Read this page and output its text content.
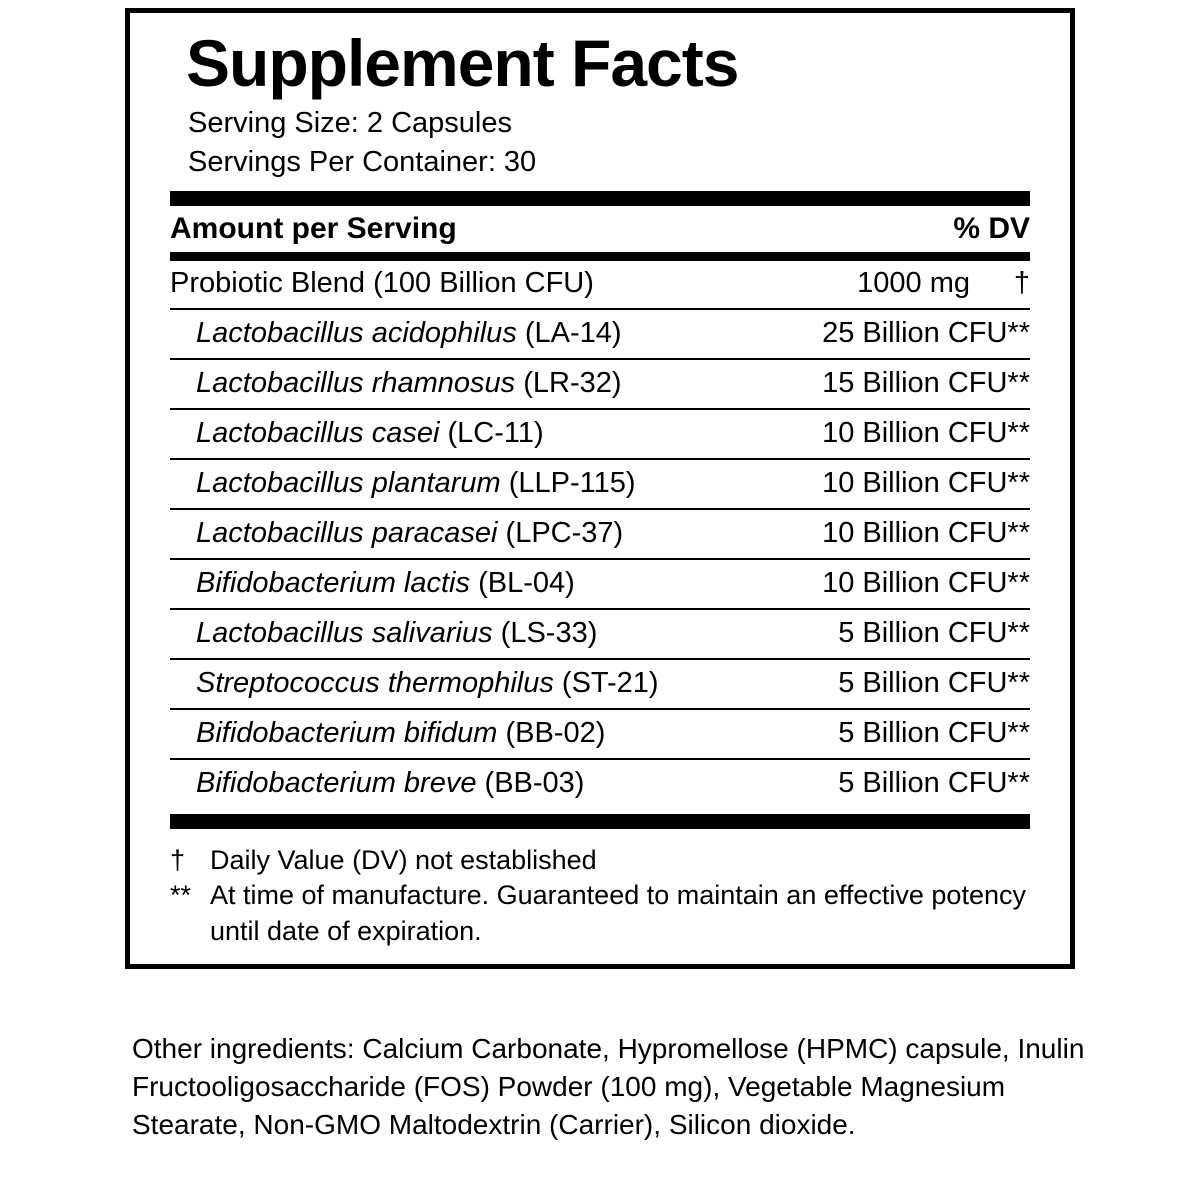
Supplement Facts
Serving Size: 2 Capsules
Servings Per Container: 30
Amount per Serving	% DV
Probiotic Blend (100 Billion CFU)	1000 mg	†
Lactobacillus acidophilus (LA-14)	25 Billion CFU**
Lactobacillus rhamnosus (LR-32)	15 Billion CFU**
Lactobacillus casei (LC-11)	10 Billion CFU**
Lactobacillus plantarum (LLP-115)	10 Billion CFU**
Lactobacillus paracasei (LPC-37)	10 Billion CFU**
Bifidobacterium lactis (BL-04)	10 Billion CFU**
Lactobacillus salivarius (LS-33)	5 Billion CFU**
Streptococcus thermophilus (ST-21)	5 Billion CFU**
Bifidobacterium bifidum (BB-02)	5 Billion CFU**
Bifidobacterium breve (BB-03)	5 Billion CFU**
† Daily Value (DV) not established
** At time of manufacture. Guaranteed to maintain an effective potency until date of expiration.
Other ingredients: Calcium Carbonate, Hypromellose (HPMC) capsule, Inulin Fructooligosaccharide (FOS) Powder (100 mg), Vegetable Magnesium Stearate, Non-GMO Maltodextrin (Carrier), Silicon dioxide.
